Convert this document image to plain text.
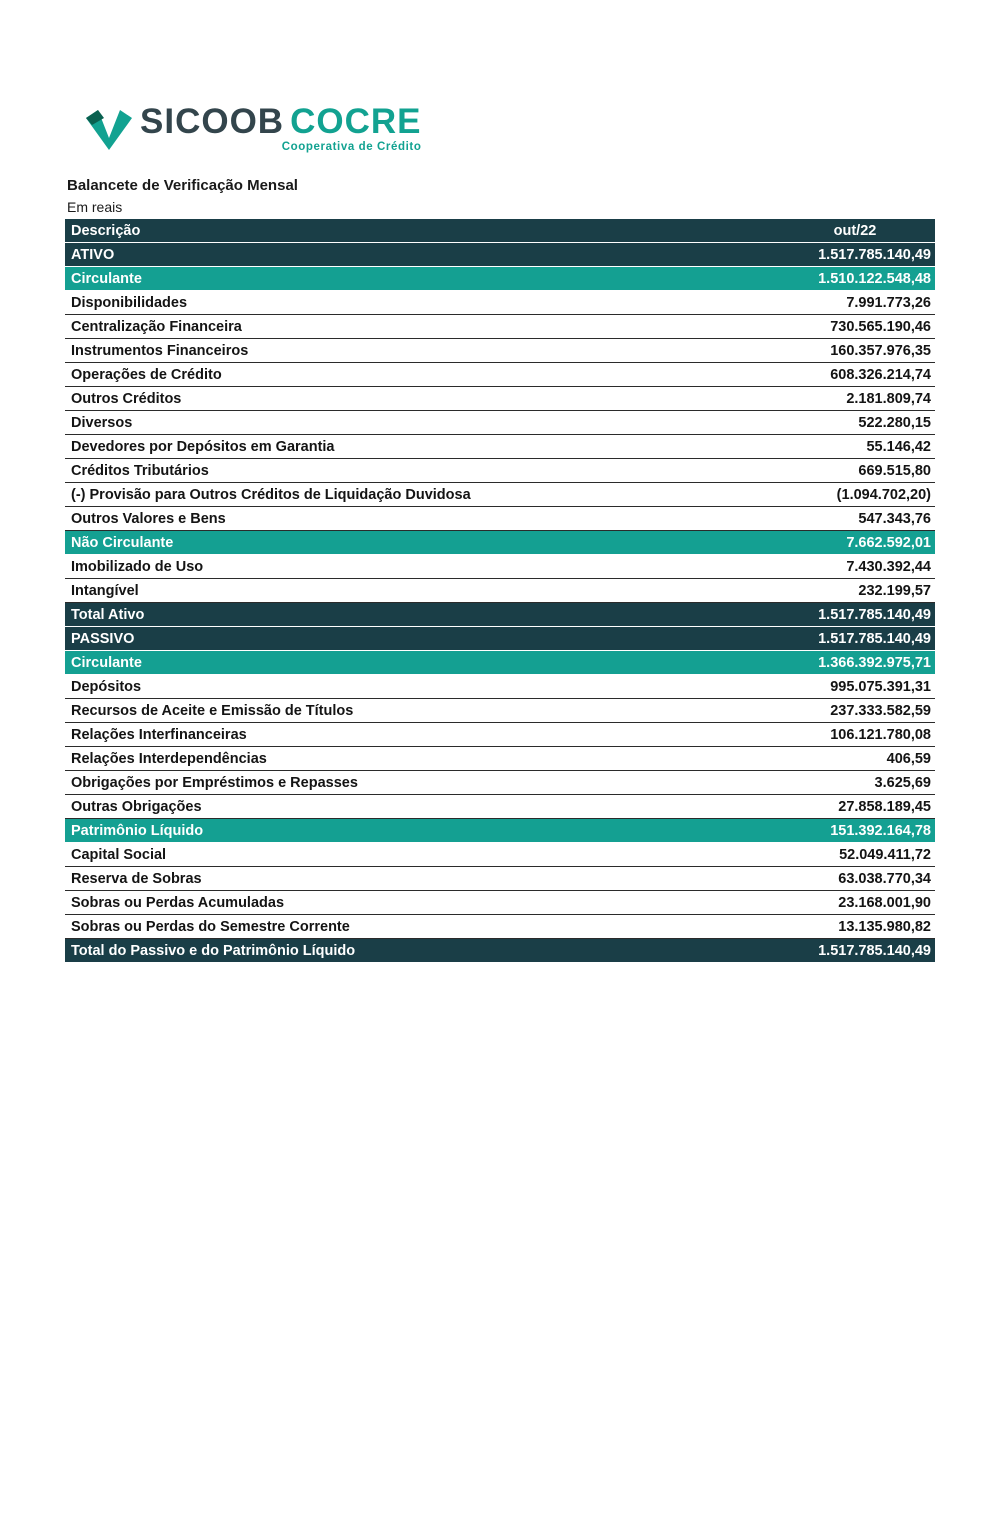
SICOOB COCRE
Cooperativa de Crédito
Balancete de Verificação Mensal
Em reais
Descrição	out/22
ATIVO	1.517.785.140,49
Circulante	1.510.122.548,48
Disponibilidades	7.991.773,26
Centralização Financeira	730.565.190,46
Instrumentos Financeiros	160.357.976,35
Operações de Crédito	608.326.214,74
Outros Créditos	2.181.809,74
Diversos	522.280,15
Devedores por Depósitos em Garantia	55.146,42
Créditos Tributários	669.515,80
(-) Provisão para Outros Créditos de Liquidação Duvidosa	(1.094.702,20)
Outros Valores e Bens	547.343,76
Não Circulante	7.662.592,01
Imobilizado de Uso	7.430.392,44
Intangível	232.199,57
Total Ativo	1.517.785.140,49
PASSIVO	1.517.785.140,49
Circulante	1.366.392.975,71
Depósitos	995.075.391,31
Recursos de Aceite e Emissão de Títulos	237.333.582,59
Relações Interfinanceiras	106.121.780,08
Relações Interdependências	406,59
Obrigações por Empréstimos e Repasses	3.625,69
Outras Obrigações	27.858.189,45
Patrimônio Líquido	151.392.164,78
Capital Social	52.049.411,72
Reserva de Sobras	63.038.770,34
Sobras ou Perdas Acumuladas	23.168.001,90
Sobras ou Perdas do Semestre Corrente	13.135.980,82
Total do Passivo e do Patrimônio Líquido	1.517.785.140,49
